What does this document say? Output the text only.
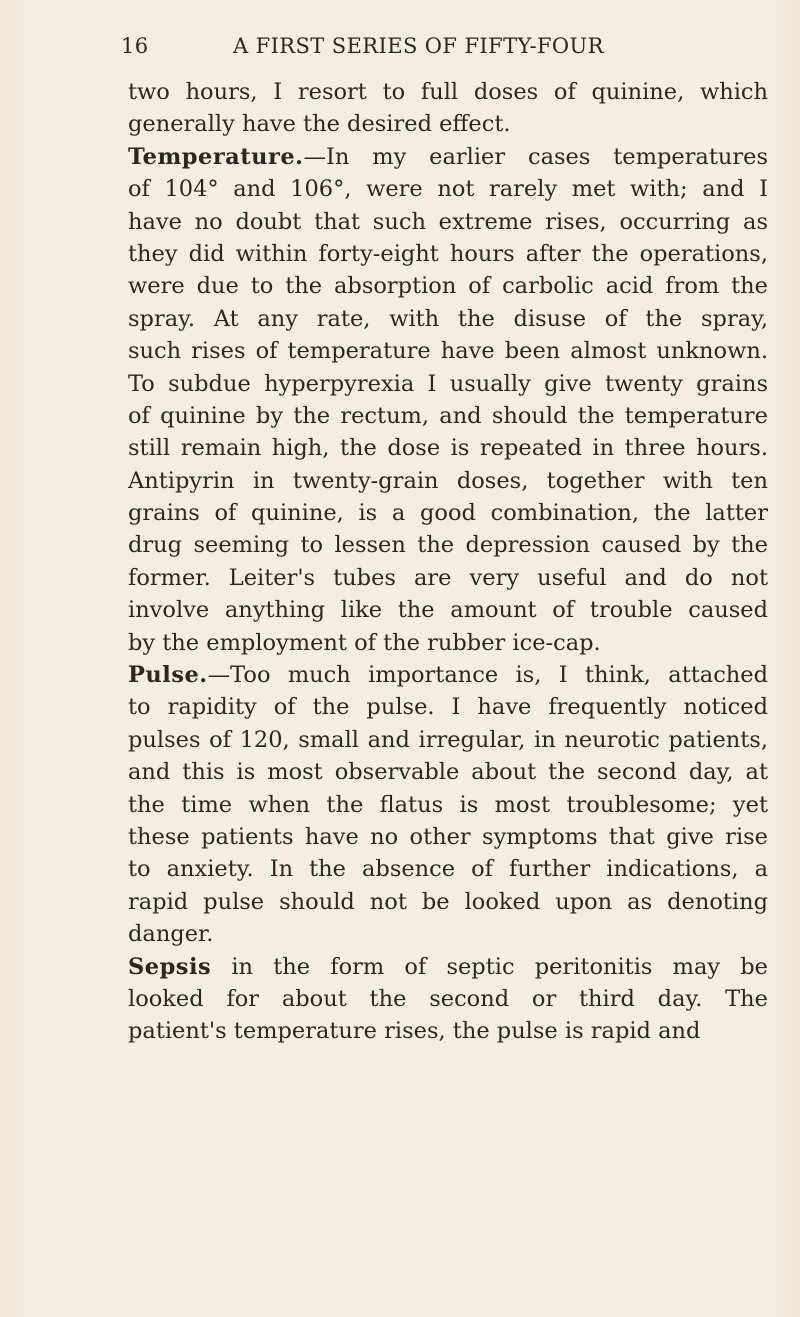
16	A FIRST SERIES OF FIFTY-FOUR
two hours, I resort to full doses of quinine, which
generally have the desired effect.
Temperature.—In my earlier cases temperatures
of 104° and 106°, were not rarely met with; and I
have no doubt that such extreme rises, occurring as
they did within forty-eight hours after the operations,
were due to the absorption of carbolic acid from the
spray. At any rate, with the disuse of the spray,
such rises of temperature have been almost unknown.
To subdue hyperpyrexia I usually give twenty grains
of quinine by the rectum, and should the temperature
still remain high, the dose is repeated in three hours.
Antipyrin in twenty-grain doses, together with ten
grains of quinine, is a good combination, the latter
drug seeming to lessen the depression caused by the
former. Leiter's tubes are very useful and do not
involve anything like the amount of trouble caused
by the employment of the rubber ice-cap.
Pulse.—Too much importance is, I think, attached
to rapidity of the pulse. I have frequently noticed
pulses of 120, small and irregular, in neurotic patients,
and this is most observable about the second day, at
the time when the flatus is most troublesome; yet
these patients have no other symptoms that give rise
to anxiety. In the absence of further indications, a
rapid pulse should not be looked upon as denoting
danger.
Sepsis in the form of septic peritonitis may be
looked for about the second or third day. The
patient's temperature rises, the pulse is rapid and
